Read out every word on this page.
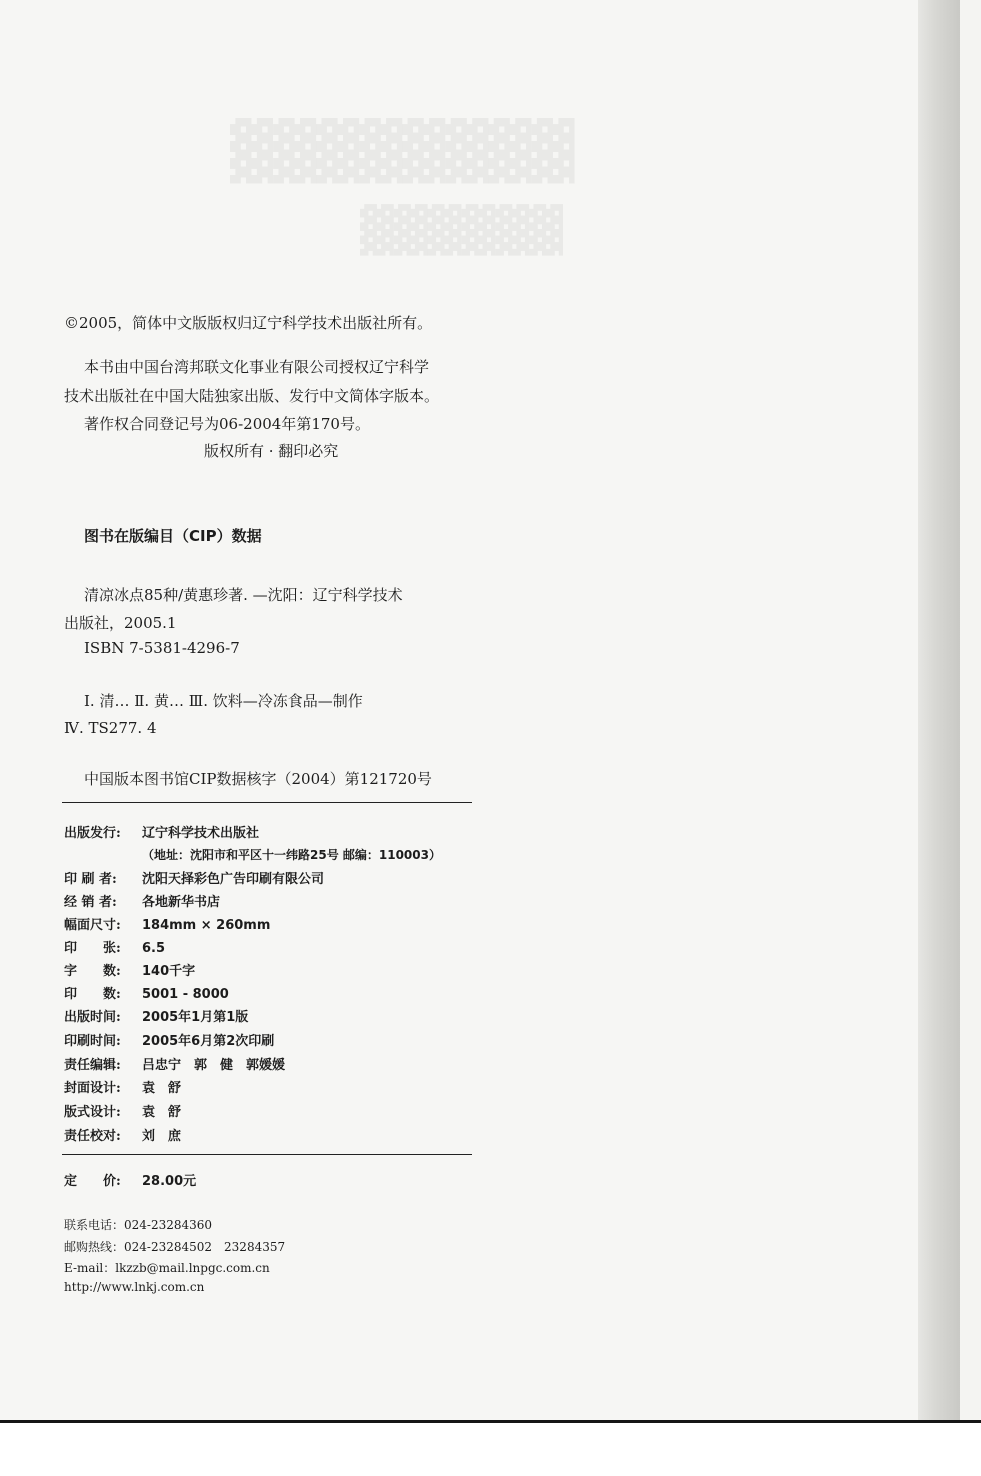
▓▓▓▓▓▓▓▓
▓▓▓▓▓▓
©2005，简体中文版版权归辽宁科学技术出版社所有。
本书由中国台湾邦联文化事业有限公司授权辽宁科学
技术出版社在中国大陆独家出版、发行中文简体字版本。
著作权合同登记号为06-2004年第170号。
版权所有 · 翻印必究
图书在版编目（CIP）数据
清凉冰点85种/黄惠珍著. —沈阳：辽宁科学技术
出版社，2005.1
ISBN 7-5381-4296-7
Ⅰ. 清… Ⅱ. 黄… Ⅲ. 饮料—冷冻食品—制作
Ⅳ. TS277. 4
中国版本图书馆CIP数据核字（2004）第121720号
出版发行: 辽宁科学技术出版社
（地址：沈阳市和平区十一纬路25号 邮编：110003）
印 刷 者: 沈阳天择彩色广告印刷有限公司
经 销 者: 各地新华书店
幅面尺寸: 184mm × 260mm
印　　张: 6.5
字　　数: 140千字
印　　数: 5001 - 8000
出版时间: 2005年1月第1版
印刷时间: 2005年6月第2次印刷
责任编辑: 吕忠宁　郭　健　郭媛媛
封面设计: 袁　舒
版式设计: 袁　舒
责任校对: 刘　庶
定　　价: 28.00元
联系电话：024-23284360
邮购热线：024-23284502　23284357
E-mail：lkzzb@mail.lnpgc.com.cn
http://www.lnkj.com.cn
